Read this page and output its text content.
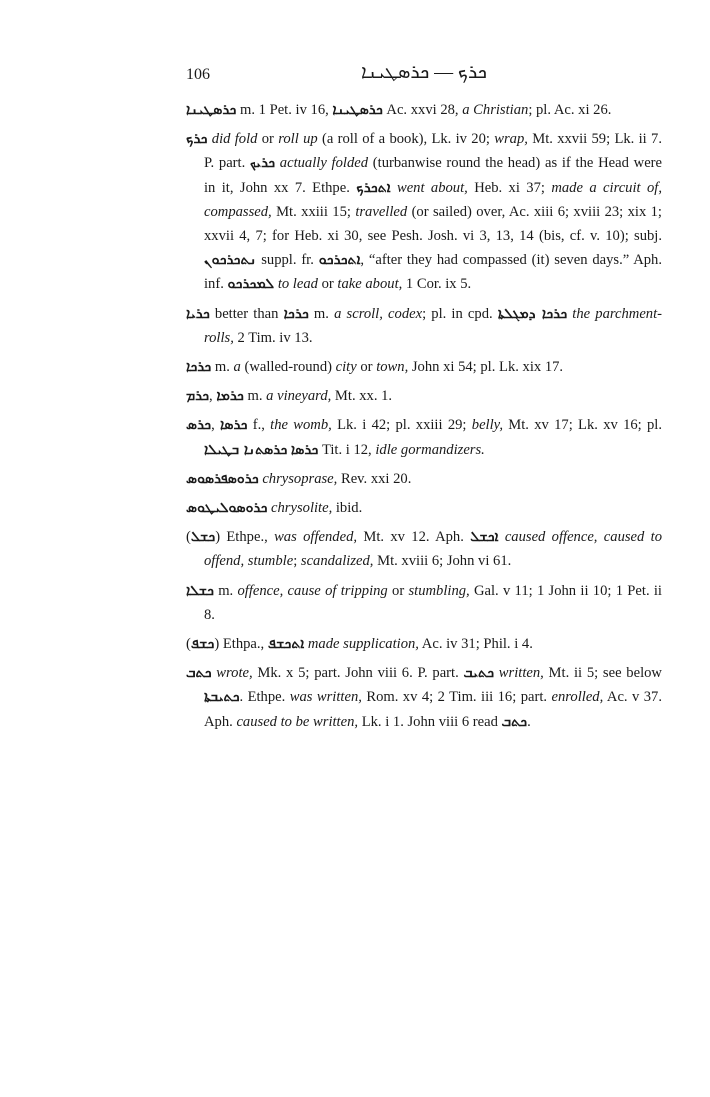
106	ܟܪܟ — ܟܪܣܛܝܢܐ

ܟܪܣܛܝܢܐ m. 1 Pet. iv 16, ܟܪܣܛܝܢܐ Ac. xxvi 28, a Christian; pl. Ac. xi 26.

ܟܪܟ did fold or roll up (a roll of a book), Lk. iv 20; wrap, Mt. xxvii 59; Lk. ii 7. P. part. ܟܪܝܟ actually folded (turbanwise round the head) as if the Head were in it, John xx 7. Ethpe. ܐܬܟܪܟ went about, Heb. xi 37; made a circuit of, compassed, Mt. xxiii 15; travelled (or sailed) over, Ac. xiii 6; xviii 23; xix 1; xxvii 4, 7; for Heb. xi 30, see Pesh. Josh. vi 3, 13, 14 (bis, cf. v. 10); subj. ܢܬܟܪܟܘܢ suppl. fr. ܐܬܟܪܟܘ, “after they had compassed (it) seven days.” Aph. inf. ܠܡܟܪܟܘ to lead or take about, 1 Cor. ix 5.

ܟܪܝܐ better than ܟܪܟܐ m. a scroll, codex; pl. in cpd. ܟܪܟܐ ܕܡܓܠܬܐ the parchment-rolls, 2 Tim. iv 13.

ܟܪܟܐ m. a (walled-round) city or town, John xi 54; pl. Lk. xix 17.

ܟܪܡ, ܟܪܡܐ m. a vineyard, Mt. xx. 1.

ܟܪܣ, ܟܪܣܐ f., the womb, Lk. i 42; pl. xxiii 29; belly, Mt. xv 17; Lk. xv 16; pl. ܟܪܣܬܢܐ ܒܛܝܠܐ ܟܪܣܐ Tit. i 12, idle gormandizers.

ܟܪܘܣܦܪܣܘܣ chrysoprase, Rev. xxi 20.

ܟܪܘܣܘܠܝܛܘܣ chrysolite, ibid.

(ܟܫܠ) Ethpe., was offended, Mt. xv 12. Aph. ܐܟܫܠ caused offence, caused to offend, stumble; scandalized, Mt. xviii 6; John vi 61.

ܟܫܠܐ m. offence, cause of tripping or stumbling, Gal. v 11; 1 John ii 10; 1 Pet. ii 8.

(ܟܫܦ) Ethpa., ܐܬܟܫܦ made supplication, Ac. iv 31; Phil. i 4.

ܟܬܒ wrote, Mk. x 5; part. John viii 6. P. part. ܟܬܝܒ written, Mt. ii 5; see below ܟܬܝܒܬܐ. Ethpe. was written, Rom. xv 4; 2 Tim. iii 16; part. enrolled, Ac. v 37. Aph. caused to be written, Lk. i 1. John viii 6 read ܟܬܒ.
